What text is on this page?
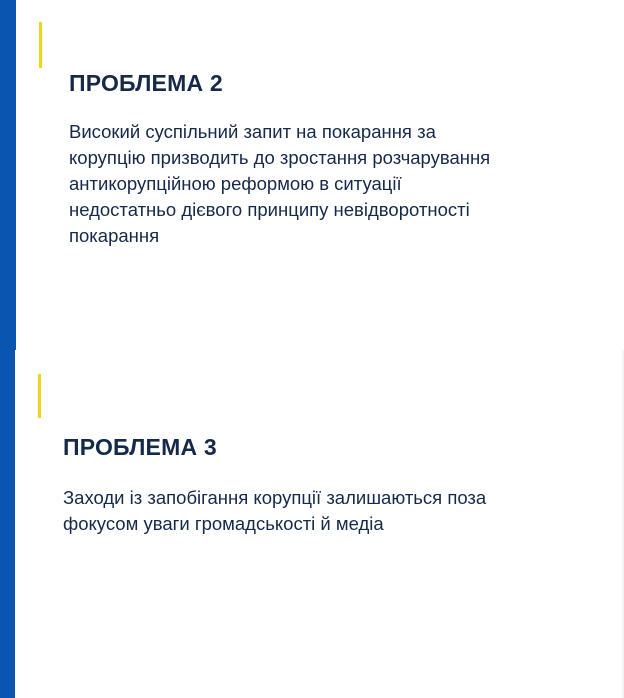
ПРОБЛЕМА 2

Високий суспільний запит на покарання за
корупцію призводить до зростання розчарування
антикорупційною реформою в ситуації
недостатньо дієвого принципу невідворотності
покарання

ПРОБЛЕМА 3

Заходи із запобігання корупції залишаються поза
фокусом уваги громадськості й медіа
